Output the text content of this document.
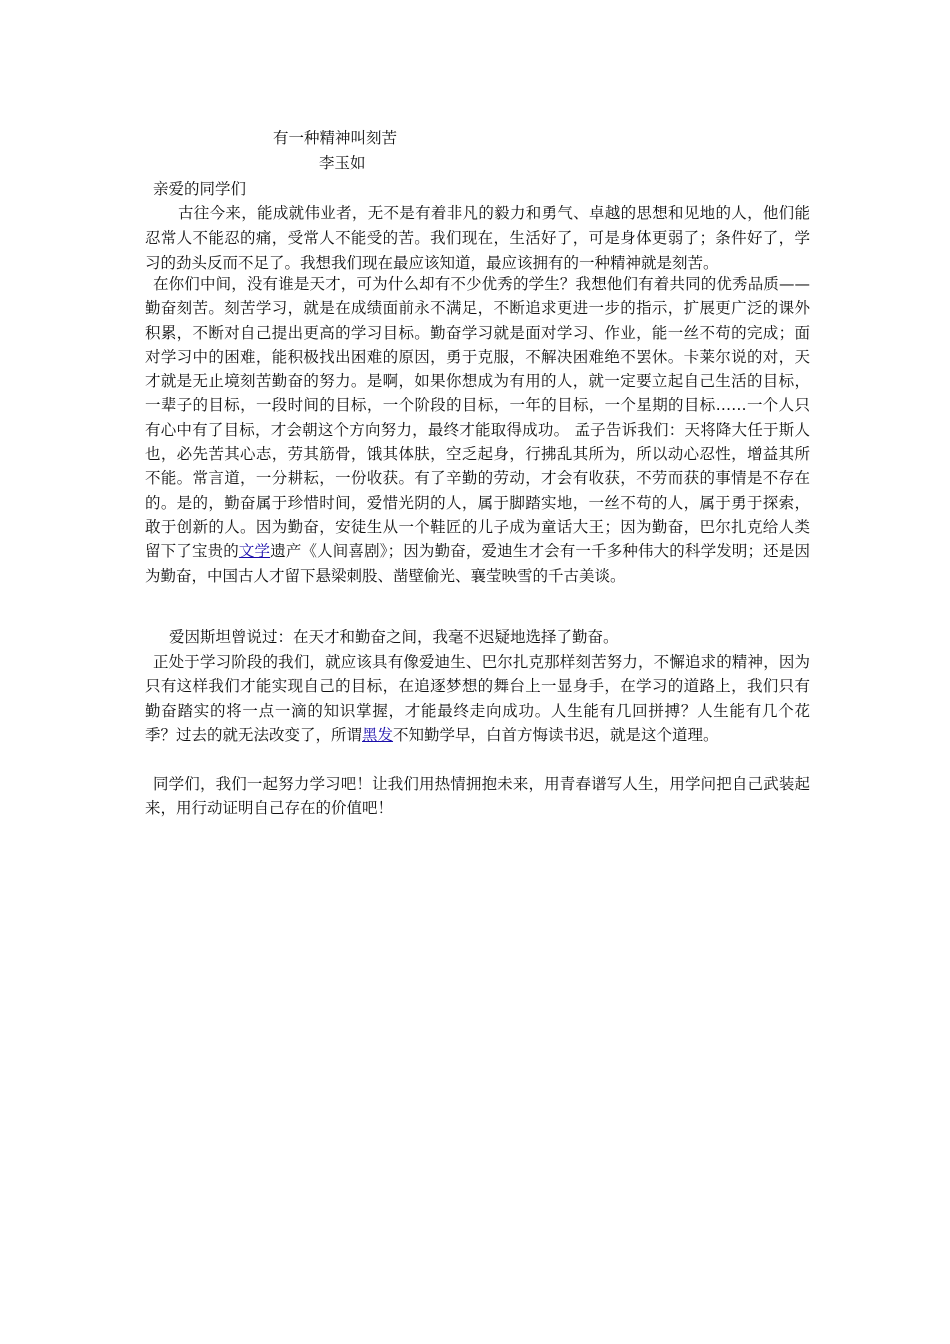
有一种精神叫刻苦
李玉如
亲爱的同学们

古往今来，能成就伟业者，无不是有着非凡的毅力和勇气、卓越的思想和见地的人，他们能忍常人不能忍的痛，受常人不能受的苦。我们现在，生活好了，可是身体更弱了；条件好了，学习的劲头反而不足了。我想我们现在最应该知道，最应该拥有的一种精神就是刻苦。

在你们中间，没有谁是天才，可为什么却有不少优秀的学生？我想他们有着共同的优秀品质——勤奋刻苦。刻苦学习，就是在成绩面前永不满足，不断追求更进一步的指示，扩展更广泛的课外积累，不断对自己提出更高的学习目标。勤奋学习就是面对学习、作业，能一丝不苟的完成；面对学习中的困难，能积极找出困难的原因，勇于克服，不解决困难绝不罢休。卡莱尔说的对，天才就是无止境刻苦勤奋的努力。是啊，如果你想成为有用的人，就一定要立起自己生活的目标，一辈子的目标，一段时间的目标，一个阶段的目标，一年的目标，一个星期的目标……一个人只有心中有了目标，才会朝这个方向努力，最终才能取得成功。 孟子告诉我们：天将降大任于斯人也，必先苦其心志，劳其筋骨，饿其体肤，空乏起身，行拂乱其所为，所以动心忍性，增益其所不能。常言道，一分耕耘，一份收获。有了辛勤的劳动，才会有收获，不劳而获的事情是不存在的。是的，勤奋属于珍惜时间，爱惜光阴的人，属于脚踏实地，一丝不苟的人，属于勇于探索，敢于创新的人。因为勤奋，安徒生从一个鞋匠的儿子成为童话大王；因为勤奋，巴尔扎克给人类留下了宝贵的文学遗产《人间喜剧》；因为勤奋，爱迪生才会有一千多种伟大的科学发明；还是因为勤奋，中国古人才留下悬梁刺股、凿壁偷光、襄莹映雪的千古美谈。

爱因斯坦曾说过：在天才和勤奋之间，我毫不迟疑地选择了勤奋。

正处于学习阶段的我们，就应该具有像爱迪生、巴尔扎克那样刻苦努力，不懈追求的精神，因为只有这样我们才能实现自己的目标，在追逐梦想的舞台上一显身手，在学习的道路上，我们只有勤奋踏实的将一点一滴的知识掌握，才能最终走向成功。人生能有几回拼搏？人生能有几个花季？过去的就无法改变了，所谓黑发不知勤学早，白首方悔读书迟，就是这个道理。

同学们，我们一起努力学习吧！让我们用热情拥抱未来，用青春谱写人生，用学问把自己武装起来，用行动证明自己存在的价值吧！
